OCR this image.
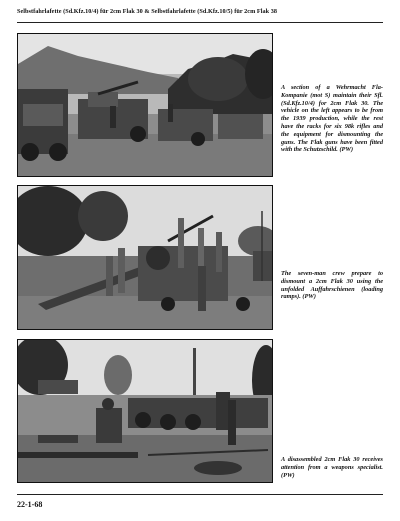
Selbstfahrlafette (Sd.Kfz.10/4) für 2cm Flak 30 & Selbstfahrlafette (Sd.Kfz.10/5) für 2cm Flak 38
A section of a Wehrmacht Fla-Kompanie (mot S) maintain their Sfl. (Sd.Kfz.10/4) for 2cm Flak 30. The vehicle on the left appears to be from the 1939 production, while the rest have the racks for six 98k rifles and the equipment for dismounting the guns. The Flak guns have been fitted with the Schutzschild. (PW)
The seven-man crew prepare to dismount a 2cm Flak 30 using the unfolded Auffahrschienen (loading ramps). (PW)
A disassembled 2cm Flak 30 receives attention from a weapons specialist. (PW)
22-1-68
